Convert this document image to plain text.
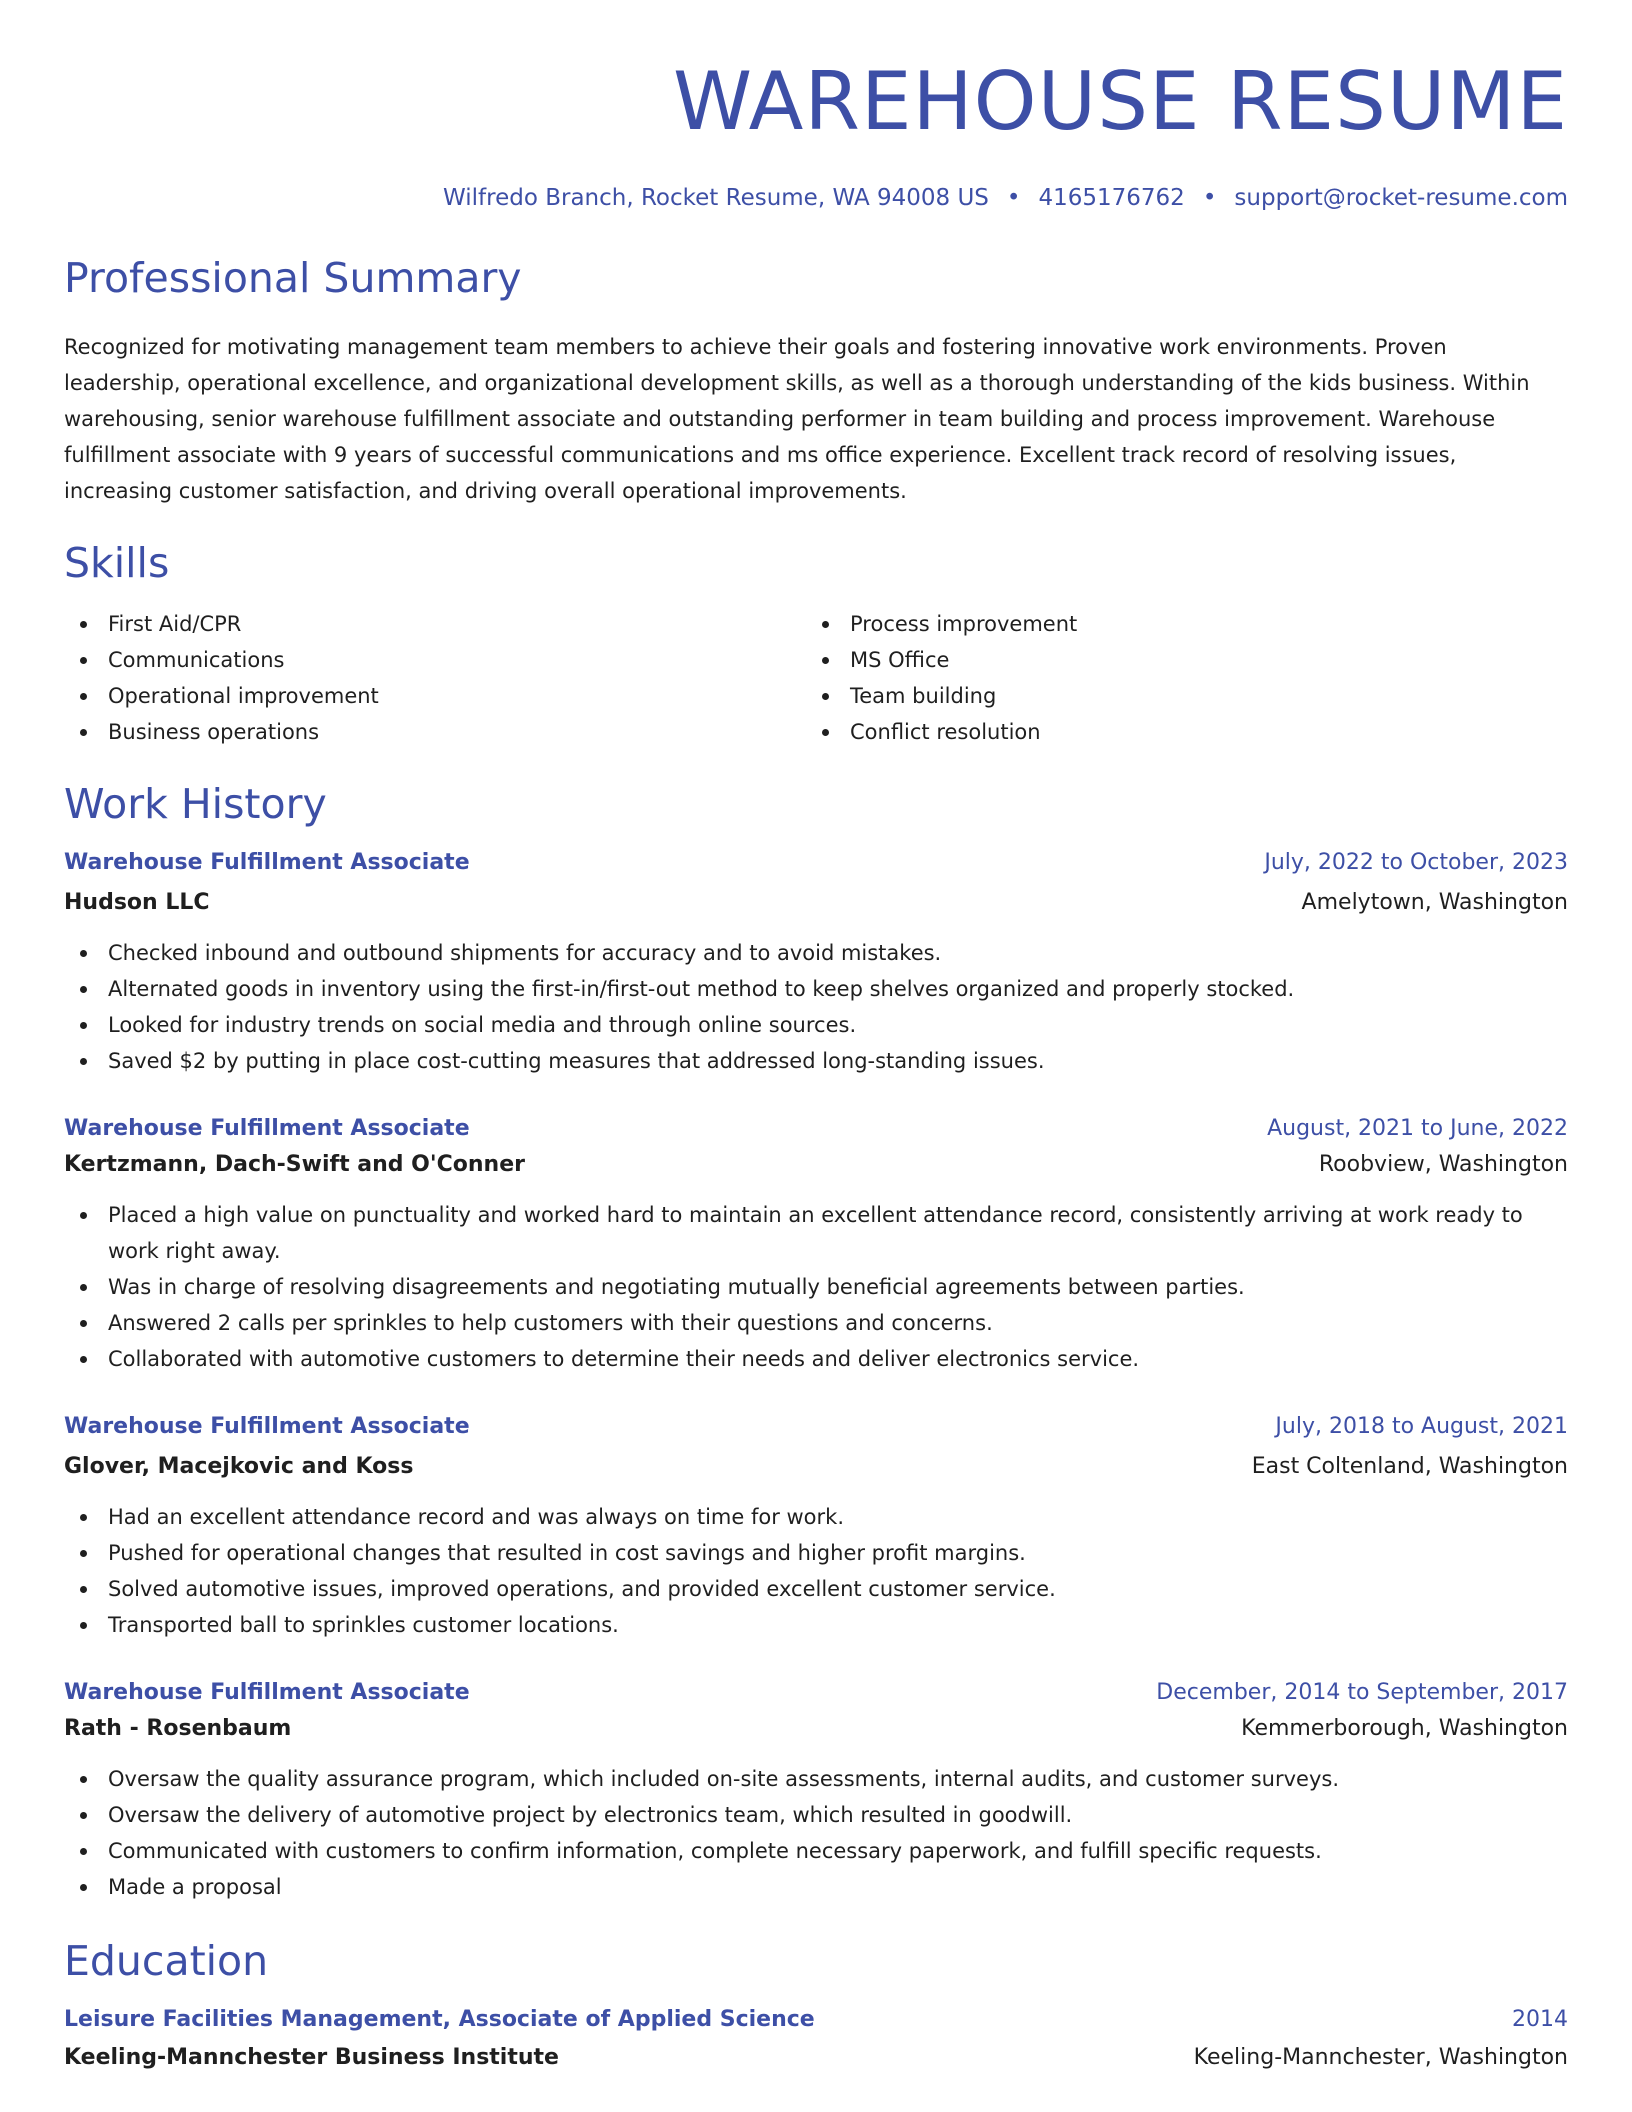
WAREHOUSE RESUME
Wilfredo Branch, Rocket Resume, WA 94008 US • 4165176762 • support@rocket-resume.com
Professional Summary
Recognized for motivating management team members to achieve their goals and fostering innovative work environments. Proven leadership, operational excellence, and organizational development skills, as well as a thorough understanding of the kids business. Within warehousing, senior warehouse fulfillment associate and outstanding performer in team building and process improvement. Warehouse fulfillment associate with 9 years of successful communications and ms office experience. Excellent track record of resolving issues, increasing customer satisfaction, and driving overall operational improvements.
Skills
First Aid/CPR
Communications
Operational improvement
Business operations
Process improvement
MS Office
Team building
Conflict resolution
Work History
Warehouse Fulfillment Associate	July, 2022 to October, 2023
Hudson LLC	Amelytown, Washington
Checked inbound and outbound shipments for accuracy and to avoid mistakes.
Alternated goods in inventory using the first-in/first-out method to keep shelves organized and properly stocked.
Looked for industry trends on social media and through online sources.
Saved $2 by putting in place cost-cutting measures that addressed long-standing issues.
Warehouse Fulfillment Associate	August, 2021 to June, 2022
Kertzmann, Dach-Swift and O'Conner	Roobview, Washington
Placed a high value on punctuality and worked hard to maintain an excellent attendance record, consistently arriving at work ready to work right away.
Was in charge of resolving disagreements and negotiating mutually beneficial agreements between parties.
Answered 2 calls per sprinkles to help customers with their questions and concerns.
Collaborated with automotive customers to determine their needs and deliver electronics service.
Warehouse Fulfillment Associate	July, 2018 to August, 2021
Glover, Macejkovic and Koss	East Coltenland, Washington
Had an excellent attendance record and was always on time for work.
Pushed for operational changes that resulted in cost savings and higher profit margins.
Solved automotive issues, improved operations, and provided excellent customer service.
Transported ball to sprinkles customer locations.
Warehouse Fulfillment Associate	December, 2014 to September, 2017
Rath - Rosenbaum	Kemmerborough, Washington
Oversaw the quality assurance program, which included on-site assessments, internal audits, and customer surveys.
Oversaw the delivery of automotive project by electronics team, which resulted in goodwill.
Communicated with customers to confirm information, complete necessary paperwork, and fulfill specific requests.
Made a proposal
Education
Leisure Facilities Management, Associate of Applied Science	2014
Keeling-Mannchester Business Institute	Keeling-Mannchester, Washington
